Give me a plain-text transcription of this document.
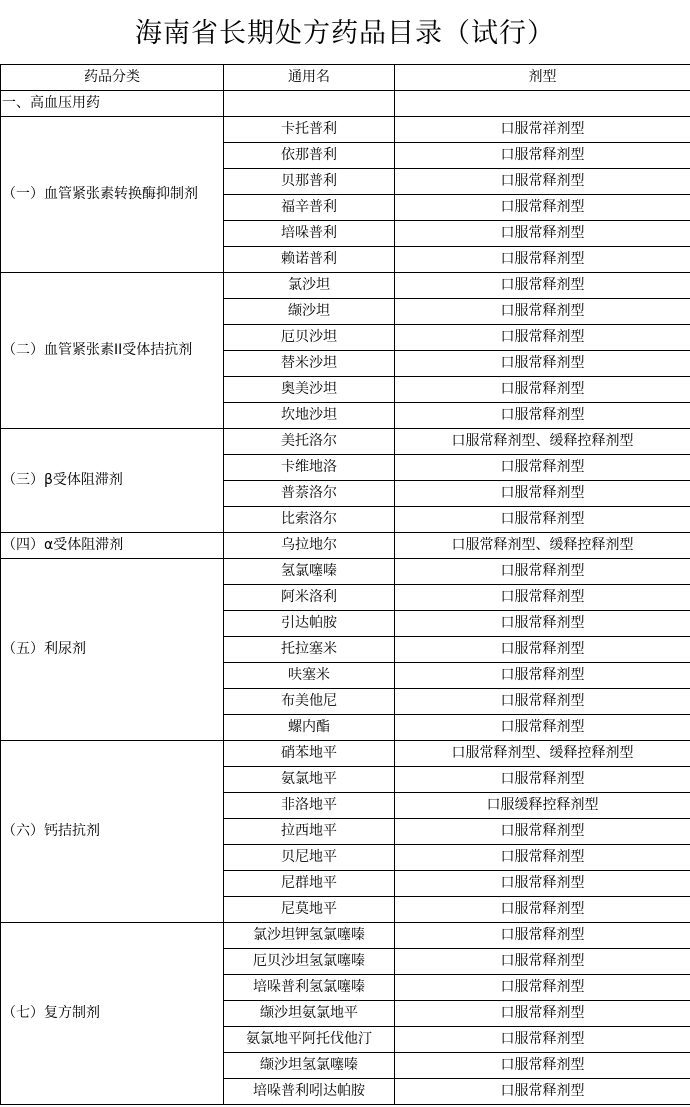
海南省长期处方药品目录（试行）
药品分类	通用名	剂型
一、高血压用药		
（一）血管紧张素转换酶抑制剂	卡托普利	口服常祥剂型
	依那普利	口服常释剂型
	贝那普利	口服常释剂型
	福辛普利	口服常释剂型
	培哚普利	口服常释剂型
	赖诺普利	口服常释剂型
（二）血管紧张素II受体拮抗剂	氯沙坦	口服常释剂型
	缬沙坦	口服常释剂型
	厄贝沙坦	口服常释剂型
	替米沙坦	口服常释剂型
	奥美沙坦	口服常释剂型
	坎地沙坦	口服常释剂型
（三）β受体阻滞剂	美托洛尔	口服常释剂型、缓释控释剂型
	卡维地洛	口服常释剂型
	普萘洛尔	口服常释剂型
	比索洛尔	口服常释剂型
（四）α受体阻滞剂	乌拉地尔	口服常释剂型、缓释控释剂型
（五）利尿剂	氢氯噻嗪	口服常释剂型
	阿米洛利	口服常释剂型
	引达帕胺	口服常释剂型
	托拉塞米	口服常释剂型
	呋塞米	口服常释剂型
	布美他尼	口服常释剂型
	螺内酯	口服常释剂型
（六）钙拮抗剂	硝苯地平	口服常释剂型、缓释控释剂型
	氨氯地平	口服常释剂型
	非洛地平	口服缓释控释剂型
	拉西地平	口服常释剂型
	贝尼地平	口服常释剂型
	尼群地平	口服常释剂型
	尼莫地平	口服常释剂型
（七）复方制剂	氯沙坦钾氢氯噻嗪	口服常释剂型
	厄贝沙坦氢氯噻嗪	口服常释剂型
	培哚普利氢氯噻嗪	口服常释剂型
	缬沙坦氨氯地平	口服常释剂型
	氨氯地平阿托伐他汀	口服常释剂型
	缬沙坦氢氯噻嗪	口服常释剂型
	培哚普利吲达帕胺	口服常释剂型
